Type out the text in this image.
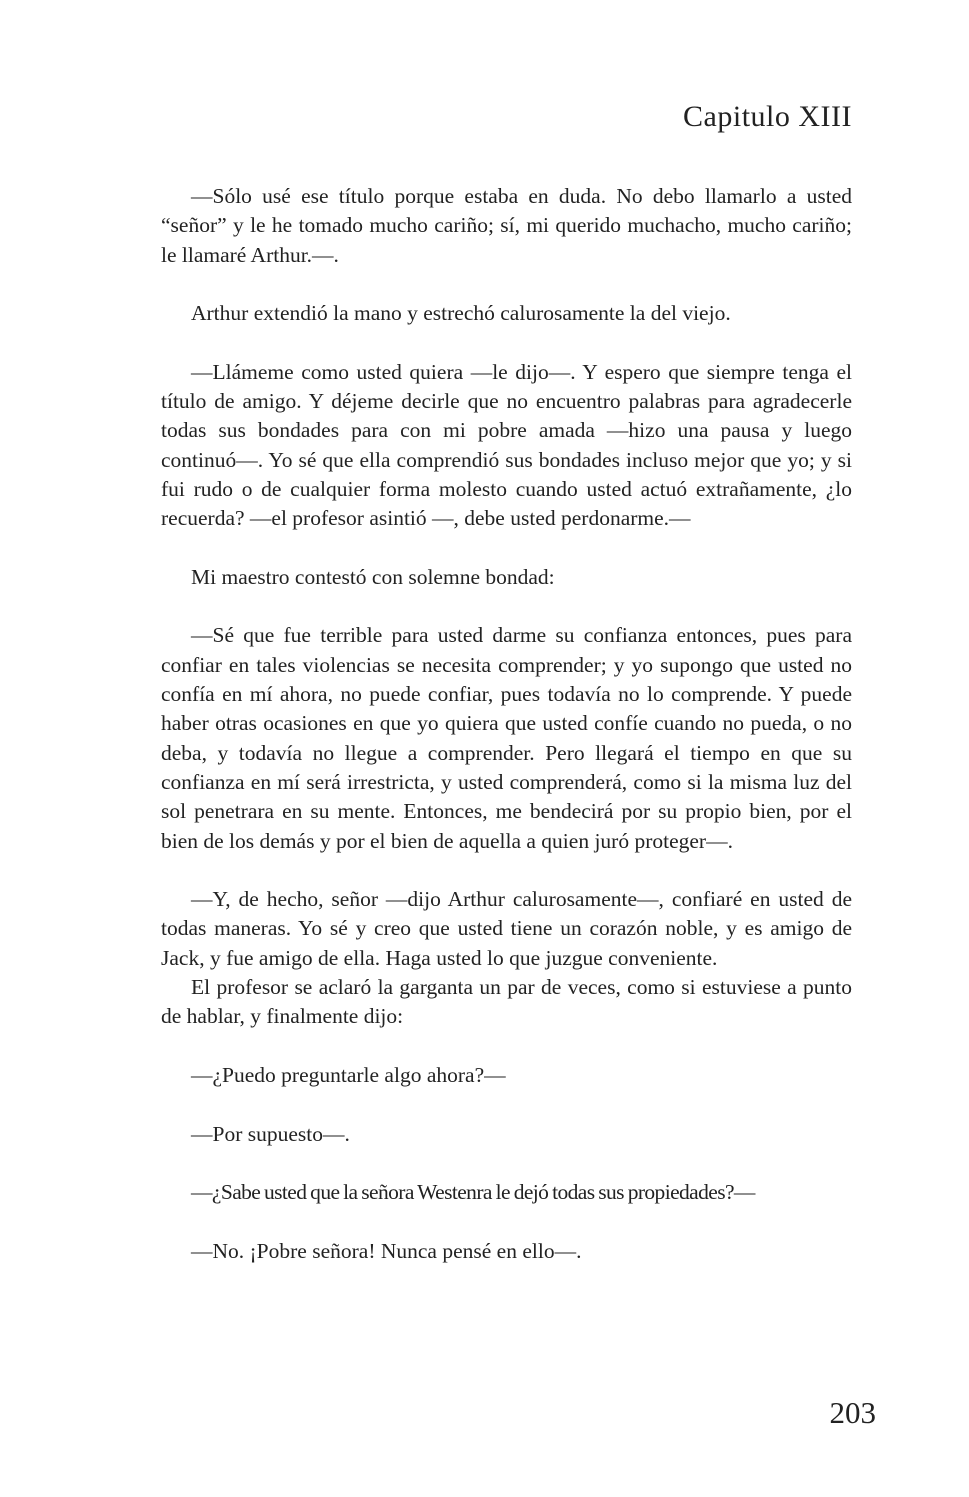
Capitulo XIII

—Sólo usé ese título porque estaba en duda. No debo llamarlo a usted “señor” y le he tomado mucho cariño; sí, mi querido muchacho, mucho cariño; le llamaré Arthur.—.

Arthur extendió la mano y estrechó calurosamente la del viejo.

—Llámeme como usted quiera —le dijo—. Y espero que siempre tenga el título de amigo. Y déjeme decirle que no encuentro palabras para agradecerle todas sus bondades para con mi pobre amada —hizo una pausa y luego continuó—. Yo sé que ella comprendió sus bondades incluso mejor que yo; y si fui rudo o de cualquier forma molesto cuando usted actuó extrañamente, ¿lo recuerda? —el profesor asintió —, debe usted perdonarme.—

Mi maestro contestó con solemne bondad:

—Sé que fue terrible para usted darme su confianza entonces, pues para confiar en tales violencias se necesita comprender; y yo supongo que usted no confía en mí ahora, no puede confiar, pues todavía no lo comprende. Y puede haber otras ocasiones en que yo quiera que usted confíe cuando no pueda, o no deba, y todavía no llegue a comprender. Pero llegará el tiempo en que su confianza en mí será irrestricta, y usted comprenderá, como si la misma luz del sol penetrara en su mente. Entonces, me bendecirá por su propio bien, por el bien de los demás y por el bien de aquella a quien juró proteger—.

—Y, de hecho, señor —dijo Arthur calurosamente—, confiaré en usted de todas maneras. Yo sé y creo que usted tiene un corazón noble, y es amigo de Jack, y fue amigo de ella. Haga usted lo que juzgue conveniente.

El profesor se aclaró la garganta un par de veces, como si estuviese a punto de hablar, y finalmente dijo:

—¿Puedo preguntarle algo ahora?—

—Por supuesto—.

—¿Sabe usted que la señora Westenra le dejó todas sus propiedades?—

—No. ¡Pobre señora! Nunca pensé en ello—.

203
